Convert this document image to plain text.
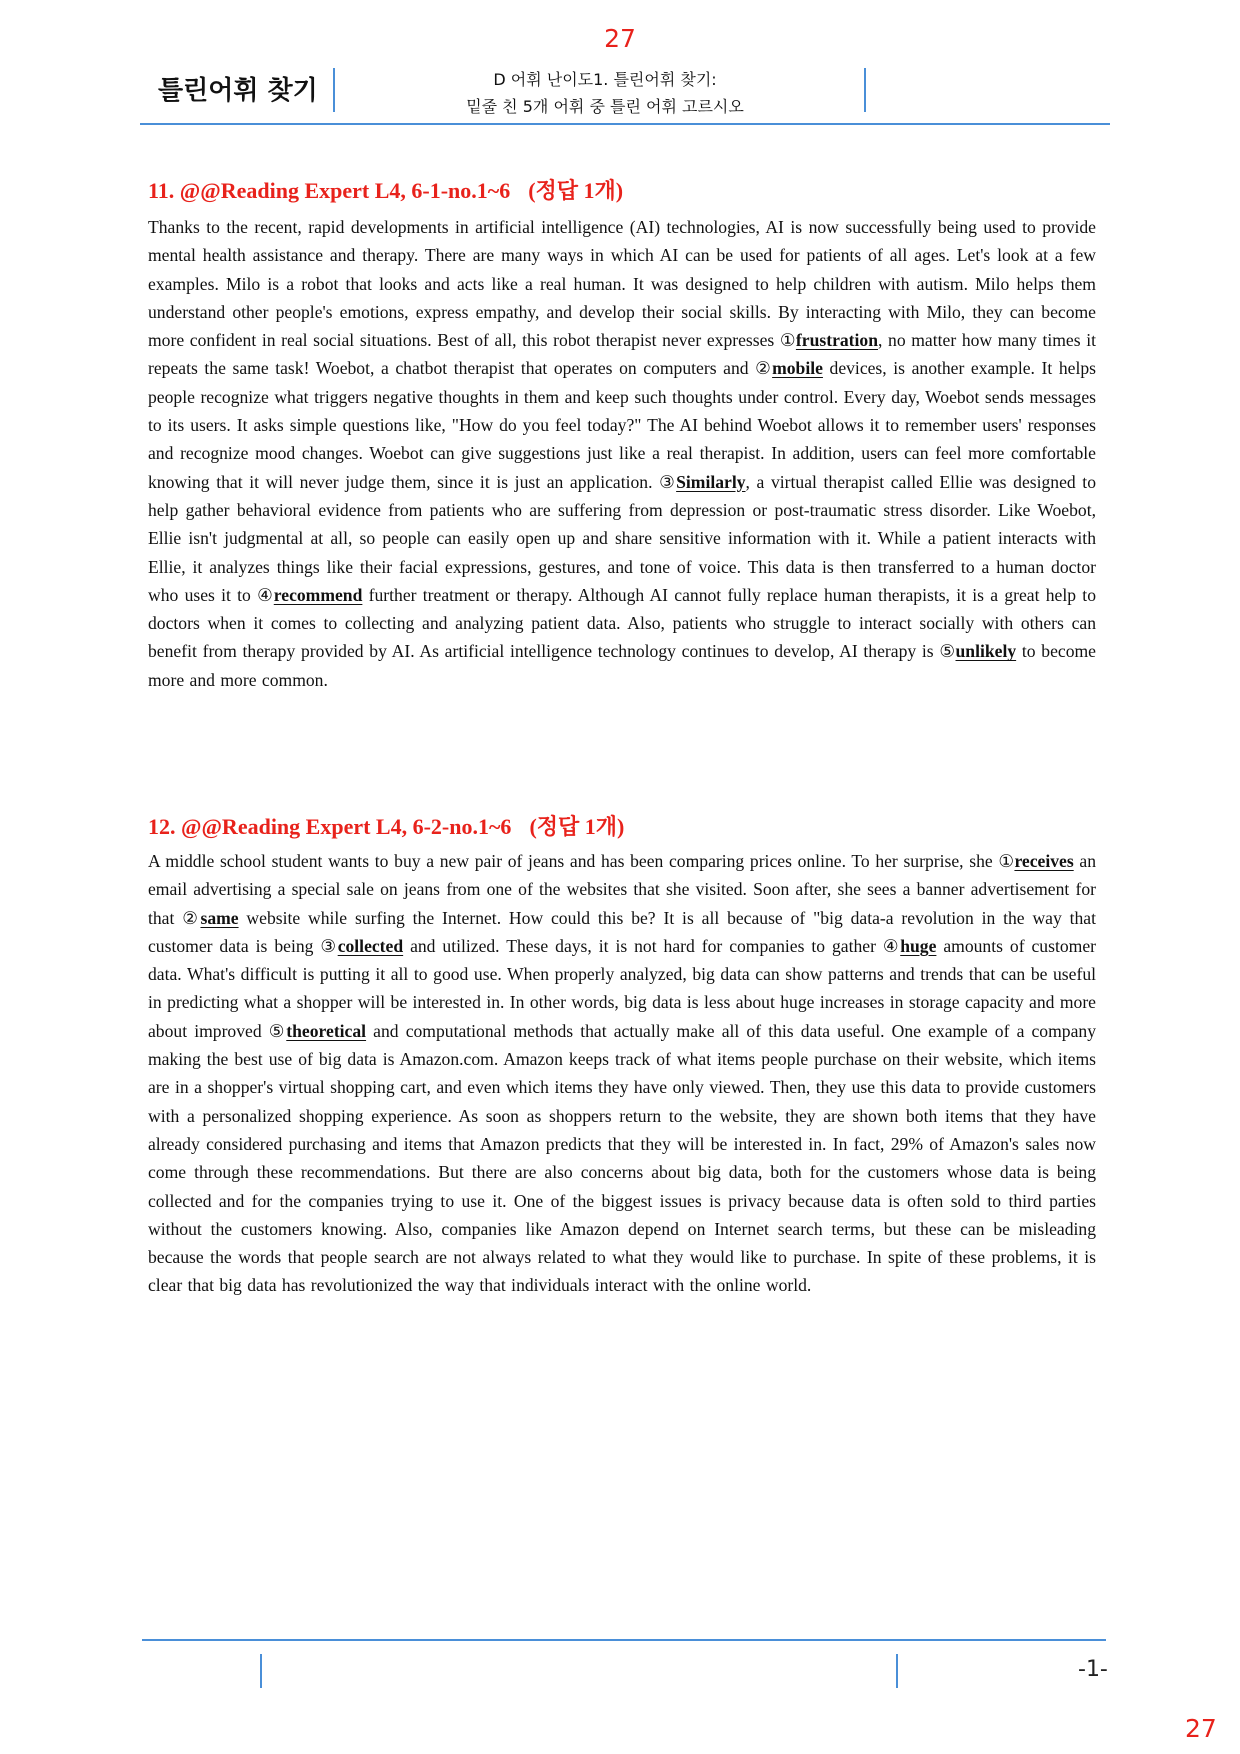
27
틀린어휘 찾기	D 어휘 난이도1. 틀린어휘 찾기:
밑줄 친 5개 어휘 중 틀린 어휘 고르시오
11. @@Reading Expert L4, 6-1-no.1~6 (정답 1개)
Thanks to the recent, rapid developments in artificial intelligence (AI) technologies, AI is now successfully being used to provide mental health assistance and therapy. There are many ways in which AI can be used for patients of all ages. Let's look at a few examples. Milo is a robot that looks and acts like a real human. It was designed to help children with autism. Milo helps them understand other people's emotions, express empathy, and develop their social skills. By interacting with Milo, they can become more confident in real social situations. Best of all, this robot therapist never expresses ①frustration, no matter how many times it repeats the same task! Woebot, a chatbot therapist that operates on computers and ②mobile devices, is another example. It helps people recognize what triggers negative thoughts in them and keep such thoughts under control. Every day, Woebot sends messages to its users. It asks simple questions like, "How do you feel today?" The AI behind Woebot allows it to remember users' responses and recognize mood changes. Woebot can give suggestions just like a real therapist. In addition, users can feel more comfortable knowing that it will never judge them, since it is just an application. ③Similarly, a virtual therapist called Ellie was designed to help gather behavioral evidence from patients who are suffering from depression or post-traumatic stress disorder. Like Woebot, Ellie isn't judgmental at all, so people can easily open up and share sensitive information with it. While a patient interacts with Ellie, it analyzes things like their facial expressions, gestures, and tone of voice. This data is then transferred to a human doctor who uses it to ④recommend further treatment or therapy. Although AI cannot fully replace human therapists, it is a great help to doctors when it comes to collecting and analyzing patient data. Also, patients who struggle to interact socially with others can benefit from therapy provided by AI. As artificial intelligence technology continues to develop, AI therapy is ⑤unlikely to become more and more common.
12. @@Reading Expert L4, 6-2-no.1~6 (정답 1개)
A middle school student wants to buy a new pair of jeans and has been comparing prices online. To her surprise, she ①receives an email advertising a special sale on jeans from one of the websites that she visited. Soon after, she sees a banner advertisement for that ②same website while surfing the Internet. How could this be? It is all because of "big data-a revolution in the way that customer data is being ③collected and utilized. These days, it is not hard for companies to gather ④huge amounts of customer data. What's difficult is putting it all to good use. When properly analyzed, big data can show patterns and trends that can be useful in predicting what a shopper will be interested in. In other words, big data is less about huge increases in storage capacity and more about improved ⑤theoretical and computational methods that actually make all of this data useful. One example of a company making the best use of big data is Amazon.com. Amazon keeps track of what items people purchase on their website, which items are in a shopper's virtual shopping cart, and even which items they have only viewed. Then, they use this data to provide customers with a personalized shopping experience. As soon as shoppers return to the website, they are shown both items that they have already considered purchasing and items that Amazon predicts that they will be interested in. In fact, 29% of Amazon's sales now come through these recommendations. But there are also concerns about big data, both for the customers whose data is being collected and for the companies trying to use it. One of the biggest issues is privacy because data is often sold to third parties without the customers knowing. Also, companies like Amazon depend on Internet search terms, but these can be misleading because the words that people search are not always related to what they would like to purchase. In spite of these problems, it is clear that big data has revolutionized the way that individuals interact with the online world.
-1-
27
